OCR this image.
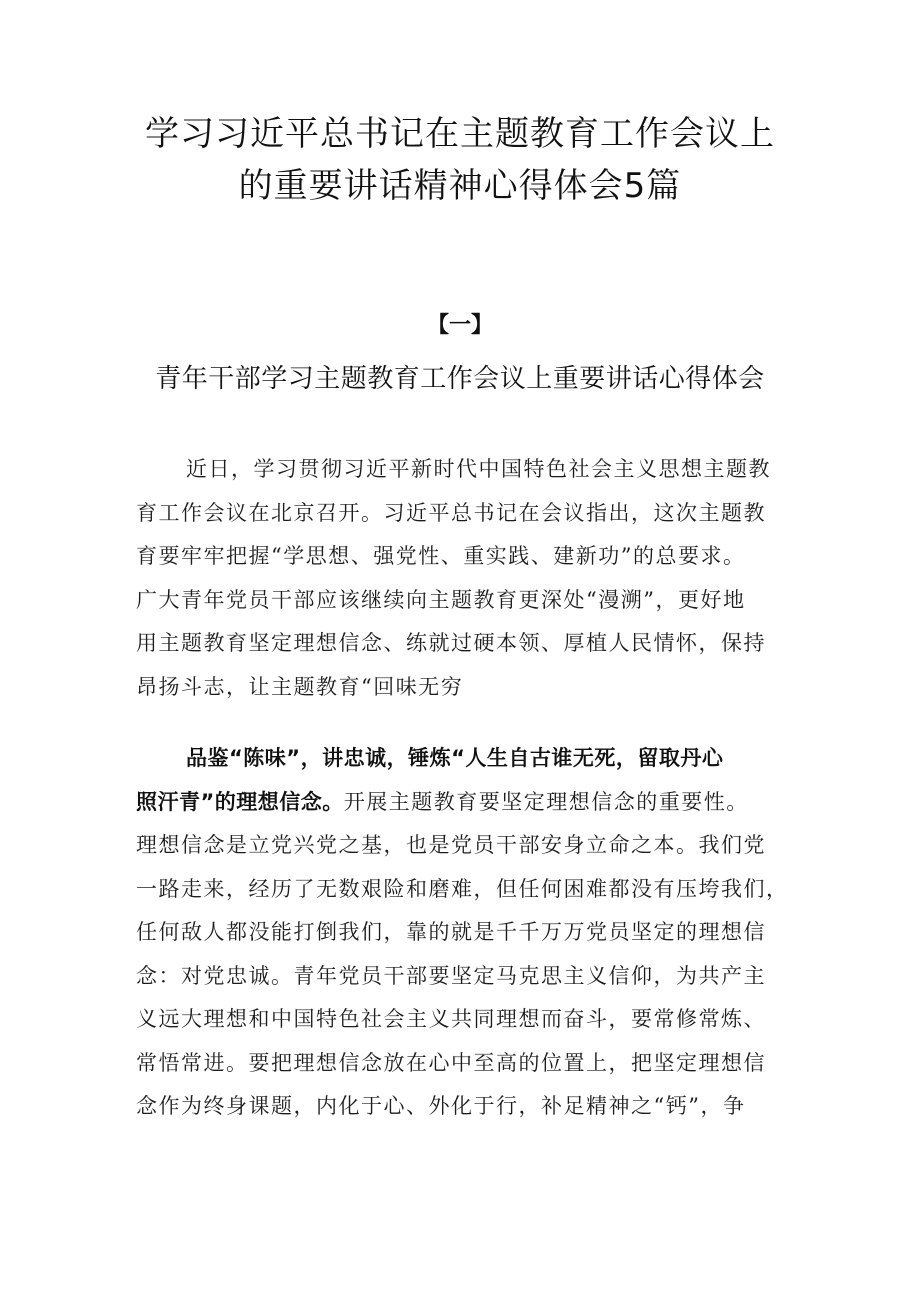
学习习近平总书记在主题教育工作会议上
的重要讲话精神心得体会5篇
【一】
青年干部学习主题教育工作会议上重要讲话心得体会
近日，学习贯彻习近平新时代中国特色社会主义思想主题教
育工作会议在北京召开。习近平总书记在会议指出，这次主题教
育要牢牢把握“学思想、强党性、重实践、建新功”的总要求。
广大青年党员干部应该继续向主题教育更深处“漫溯”，更好地
用主题教育坚定理想信念、练就过硬本领、厚植人民情怀，保持
昂扬斗志，让主题教育“回味无穷
品鉴“陈味”，讲忠诚，锤炼“人生自古谁无死，留取丹心
照汗青”的理想信念。开展主题教育要坚定理想信念的重要性。
理想信念是立党兴党之基，也是党员干部安身立命之本。我们党
一路走来，经历了无数艰险和磨难，但任何困难都没有压垮我们，
任何敌人都没能打倒我们，靠的就是千千万万党员坚定的理想信
念：对党忠诚。青年党员干部要坚定马克思主义信仰，为共产主
义远大理想和中国特色社会主义共同理想而奋斗，要常修常炼、
常悟常进。要把理想信念放在心中至高的位置上，把坚定理想信
念作为终身课题，内化于心、外化于行，补足精神之“钙”，争
